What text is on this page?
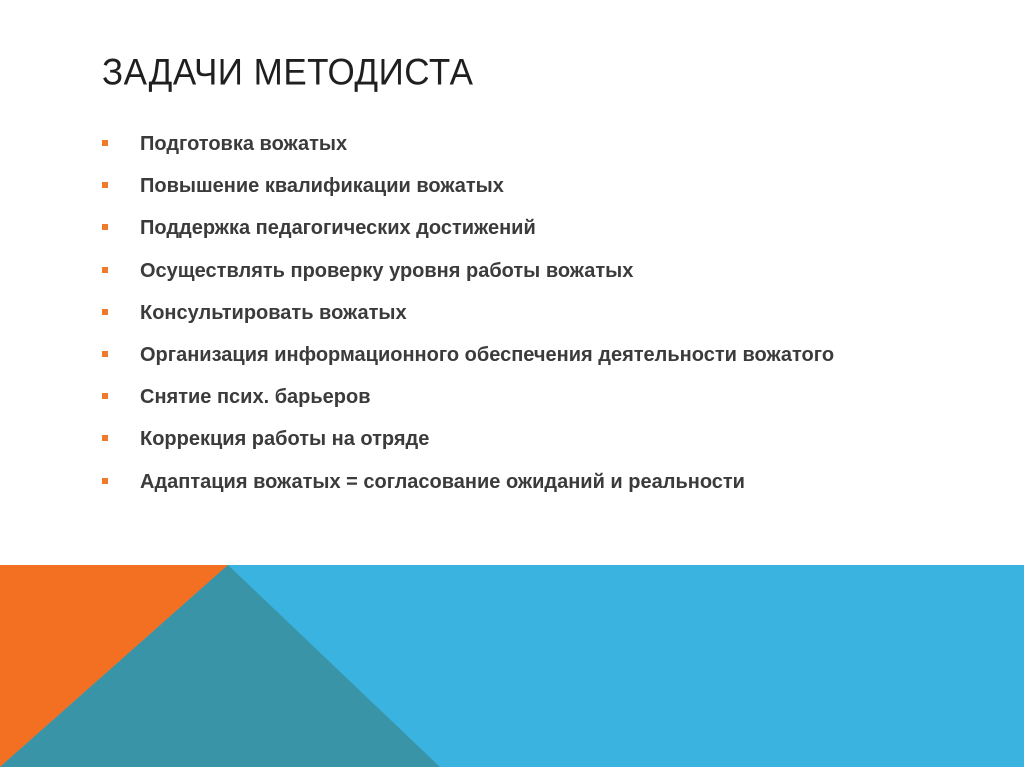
ЗАДАЧИ МЕТОДИСТА
Подготовка вожатых
Повышение квалификации вожатых
Поддержка педагогических достижений
Осуществлять проверку уровня работы вожатых
Консультировать вожатых
Организация информационного обеспечения деятельности вожатого
Снятие псих. барьеров
Коррекция работы на отряде
Адаптация вожатых = согласование ожиданий и реальности
